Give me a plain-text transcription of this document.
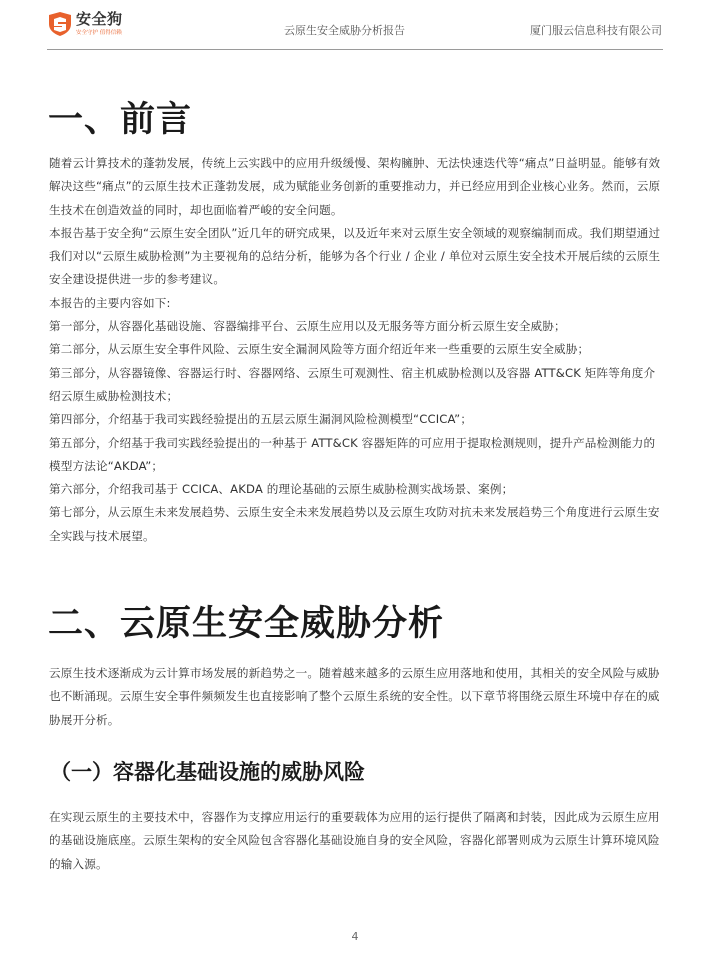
安全狗
安全守护 值得信赖	云原生安全威胁分析报告	厦门服云信息科技有限公司
一、前言

随着云计算技术的蓬勃发展，传统上云实践中的应用升级缓慢、架构臃肿、无法快速迭代等“痛点”日益明显。能够有效解决这些“痛点”的云原生技术正蓬勃发展，成为赋能业务创新的重要推动力，并已经应用到企业核心业务。然而，云原生技术在创造效益的同时，却也面临着严峻的安全问题。

本报告基于安全狗“云原生安全团队”近几年的研究成果，以及近年来对云原生安全领域的观察编制而成。我们期望通过我们对以“云原生威胁检测”为主要视角的总结分析，能够为各个行业 / 企业 / 单位对云原生安全技术开展后续的云原生安全建设提供进一步的参考建议。

本报告的主要内容如下:

第一部分，从容器化基础设施、容器编排平台、云原生应用以及无服务等方面分析云原生安全威胁；

第二部分，从云原生安全事件风险、云原生安全漏洞风险等方面介绍近年来一些重要的云原生安全威胁；

第三部分，从容器镜像、容器运行时、容器网络、云原生可观测性、宿主机威胁检测以及容器 ATT&CK 矩阵等角度介绍云原生威胁检测技术；

第四部分，介绍基于我司实践经验提出的五层云原生漏洞风险检测模型“CCICA”；

第五部分，介绍基于我司实践经验提出的一种基于 ATT&CK 容器矩阵的可应用于提取检测规则，提升产品检测能力的模型方法论“AKDA”；

第六部分，介绍我司基于 CCICA、AKDA 的理论基础的云原生威胁检测实战场景、案例；

第七部分，从云原生未来发展趋势、云原生安全未来发展趋势以及云原生攻防对抗未来发展趋势三个角度进行云原生安全实践与技术展望。

二、云原生安全威胁分析

云原生技术逐渐成为云计算市场发展的新趋势之一。随着越来越多的云原生应用落地和使用，其相关的安全风险与威胁也不断涌现。云原生安全事件频频发生也直接影响了整个云原生系统的安全性。以下章节将围绕云原生环境中存在的威胁展开分析。

（一）容器化基础设施的威胁风险

在实现云原生的主要技术中，容器作为支撑应用运行的重要载体为应用的运行提供了隔离和封装，因此成为云原生应用的基础设施底座。云原生架构的安全风险包含容器化基础设施自身的安全风险，容器化部署则成为云原生计算环境风险的输入源。

4
